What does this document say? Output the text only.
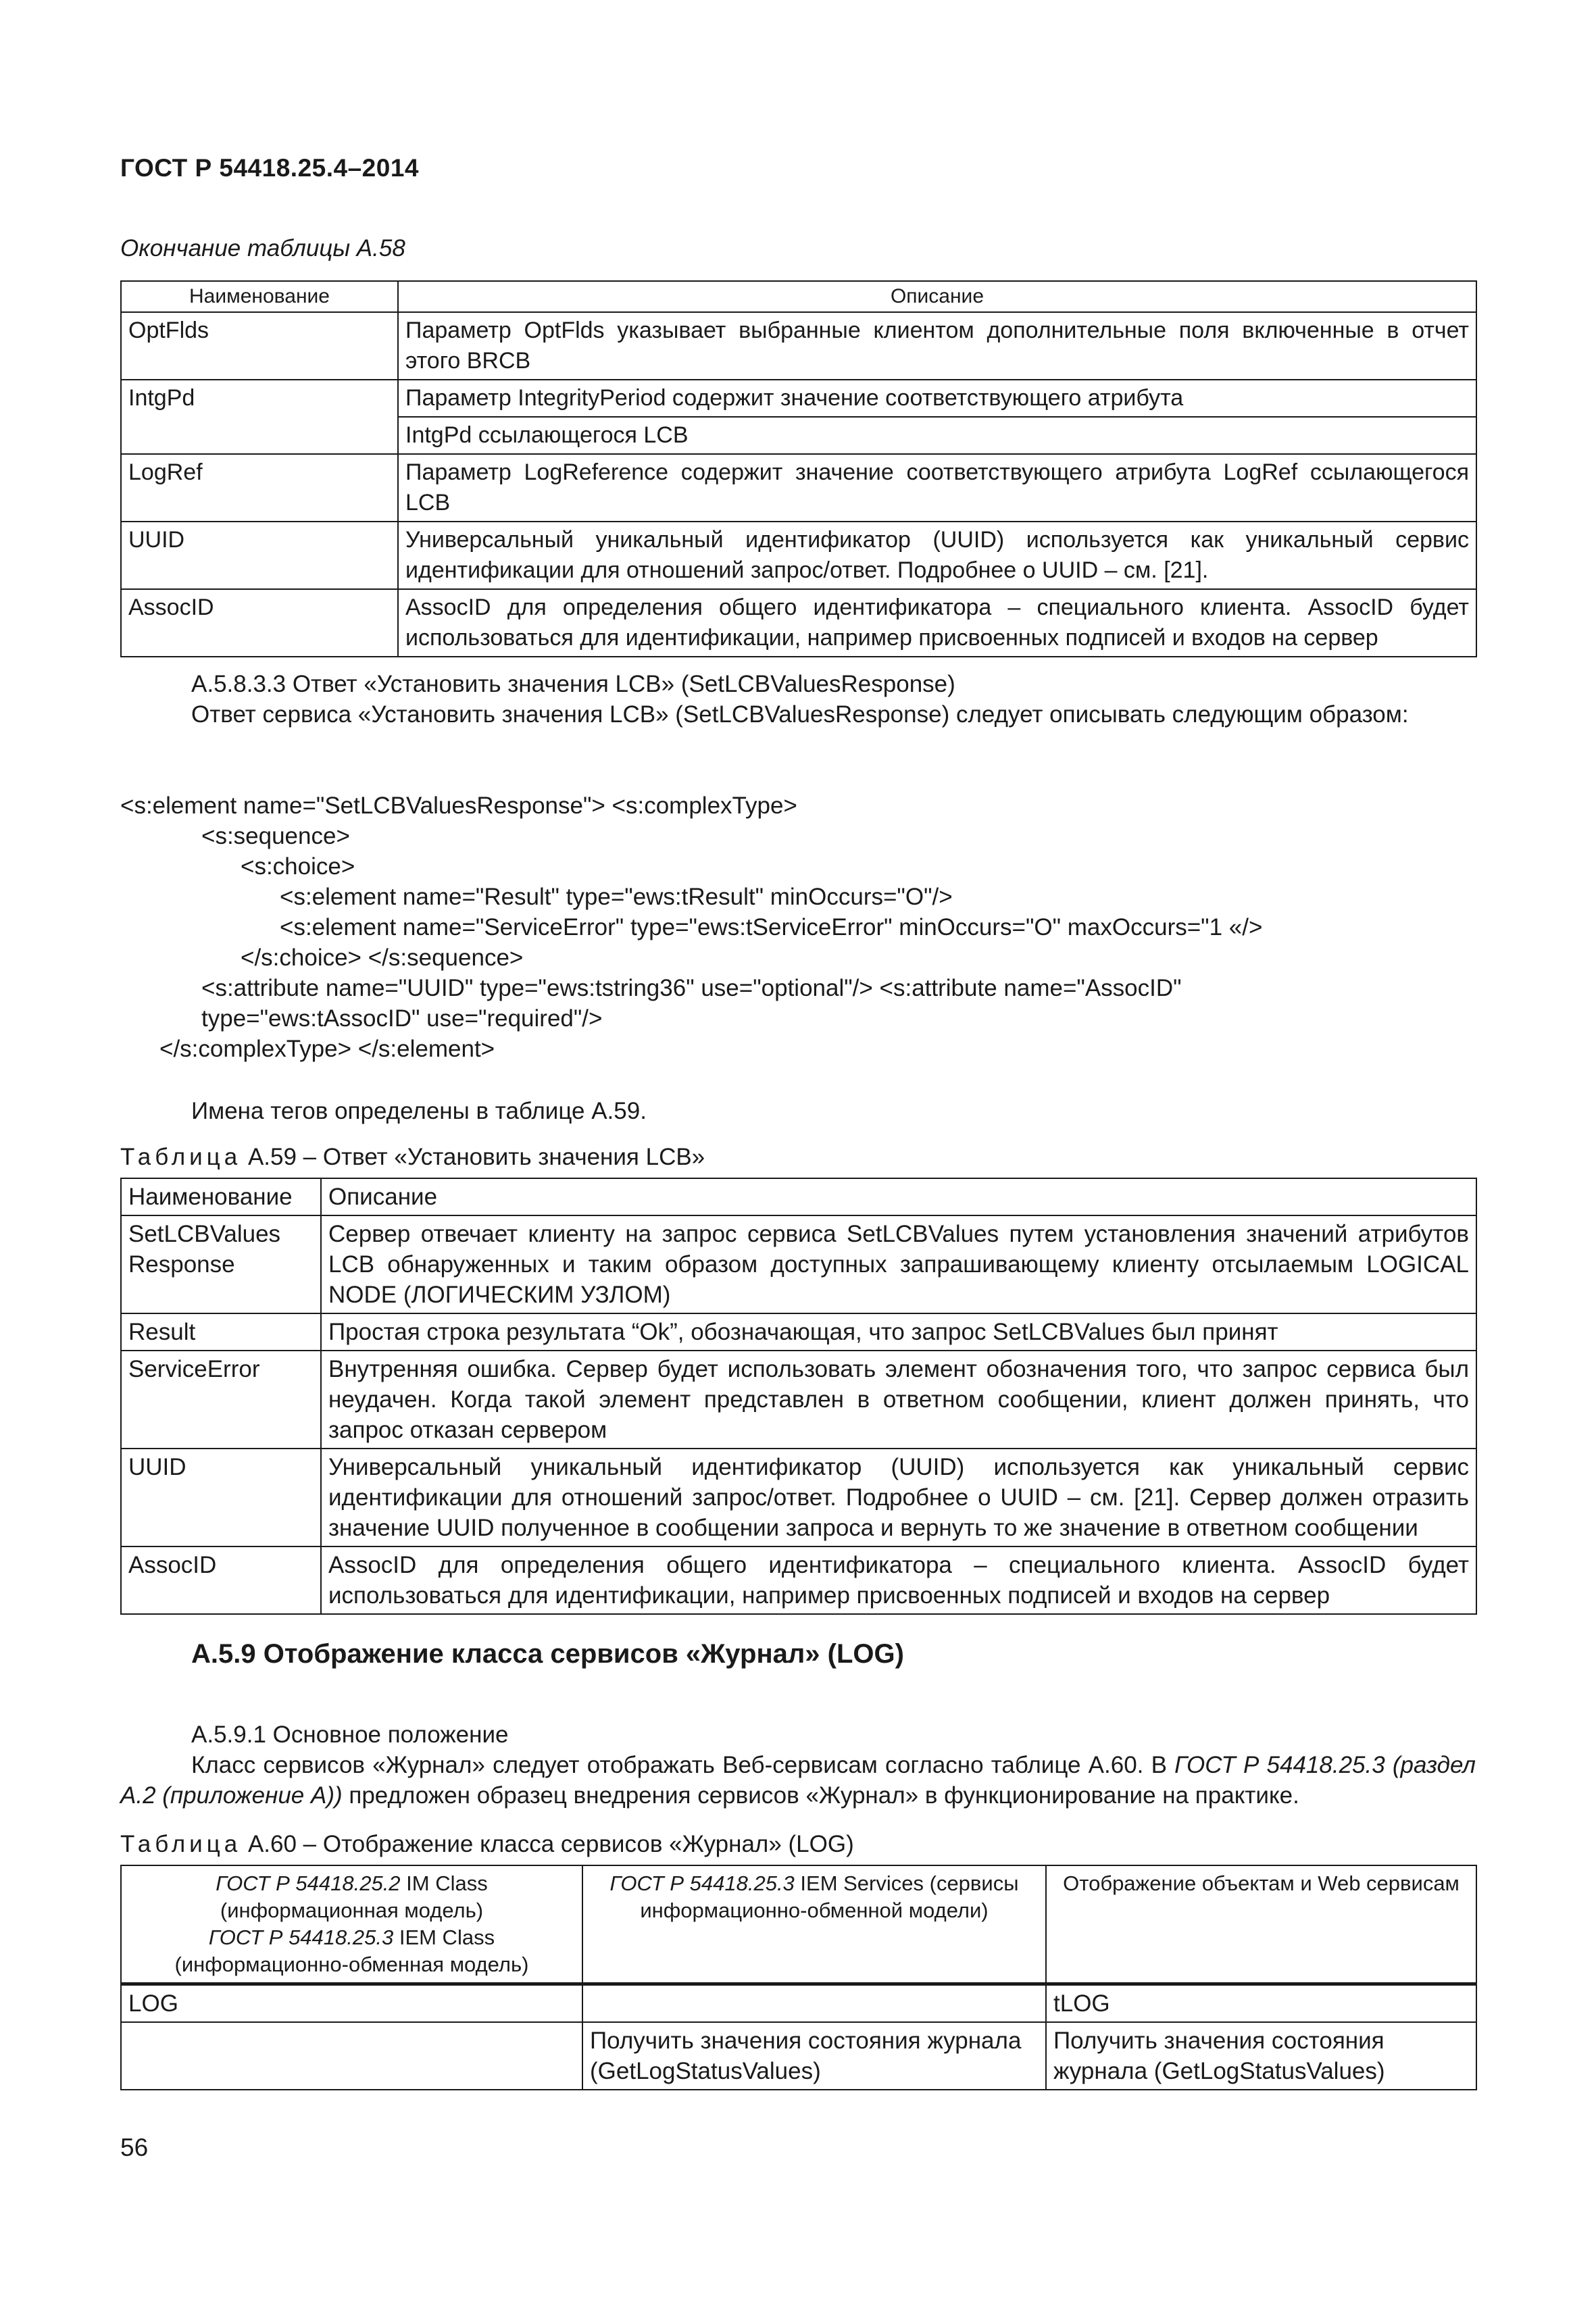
ГОСТ Р 54418.25.4–2014
Окончание таблицы А.58
Наименование	Описание
OptFlds	Параметр OptFlds указывает выбранные клиентом дополнительные поля включенные в отчет этого BRCB
IntgPd	Параметр IntegrityPeriod содержит значение соответствующего атрибута
	IntgPd ссылающегося LCB
LogRef	Параметр LogReference содержит значение соответствующего атрибута LogRef ссылающегося LCB
UUID	Универсальный уникальный идентификатор (UUID) используется как уникальный сервис идентификации для отношений запрос/ответ. Подробнее о UUID – см. [21].
AssocID	AssocID для определения общего идентификатора – специального клиента. AssocID будет использоваться для идентификации, например присвоенных подписей и входов на сервер
А.5.8.3.3 Ответ «Установить значения LCB» (SetLCBValuesResponse)
Ответ сервиса «Установить значения LCB» (SetLCBValuesResponse) следует описывать следующим образом:
<s:element name="SetLCBValuesResponse"> <s:complexType>
<s:sequence>
<s:choice>
<s:element name="Result" type="ews:tResult" minOccurs="O"/>
<s:element name="ServiceError" type="ews:tServiceError" minOccurs="O" maxOccurs="1 «/>
</s:choice> </s:sequence>
<s:attribute name="UUID" type="ews:tstring36" use="optional"/> <s:attribute name="AssocID"
type="ews:tAssocID" use="required"/>
</s:complexType> </s:element>
Имена тегов определены в таблице А.59.
Таблица А.59 – Ответ «Установить значения LCB»
Наименование	Описание
SetLCBValues Response	Сервер отвечает клиенту на запрос сервиса SetLCBValues путем установления значений атрибутов LCB обнаруженных и таким образом доступных запрашивающему клиенту отсылаемым LOGICAL NODE (ЛОГИЧЕСКИМ УЗЛОМ)
Result	Простая строка результата “Ok”, обозначающая, что запрос SetLCBValues был принят
ServiceError	Внутренняя ошибка. Сервер будет использовать элемент обозначения того, что запрос сервиса был неудачен. Когда такой элемент представлен в ответном сообщении, клиент должен принять, что запрос отказан сервером
UUID	Универсальный уникальный идентификатор (UUID) используется как уникальный сервис идентификации для отношений запрос/ответ. Подробнее о UUID – см. [21]. Сервер должен отразить значение UUID полученное в сообщении запроса и вернуть то же значение в ответном сообщении
AssocID	AssocID для определения общего идентификатора – специального клиента. AssocID будет использоваться для идентификации, например присвоенных подписей и входов на сервер
А.5.9 Отображение класса сервисов «Журнал» (LOG)
А.5.9.1 Основное положение
Класс сервисов «Журнал» следует отображать Веб-сервисам согласно таблице А.60. В ГОСТ Р 54418.25.3 (раздел А.2 (приложение А)) предложен образец внедрения сервисов «Журнал» в функционирование на практике.
Таблица А.60 – Отображение класса сервисов «Журнал» (LOG)
ГОСТ Р 54418.25.2 IM Class (информационная модель)
ГОСТ Р 54418.25.3 IEM Class (информационно-обменная модель)	ГОСТ Р 54418.25.3 IEM Services (сервисы информационно-обменной модели)	Отображение объектам и Web сервисам
LOG		tLOG
	Получить значения состояния журнала (GetLogStatusValues)	Получить значения состояния журнала (GetLogStatusValues)
56
